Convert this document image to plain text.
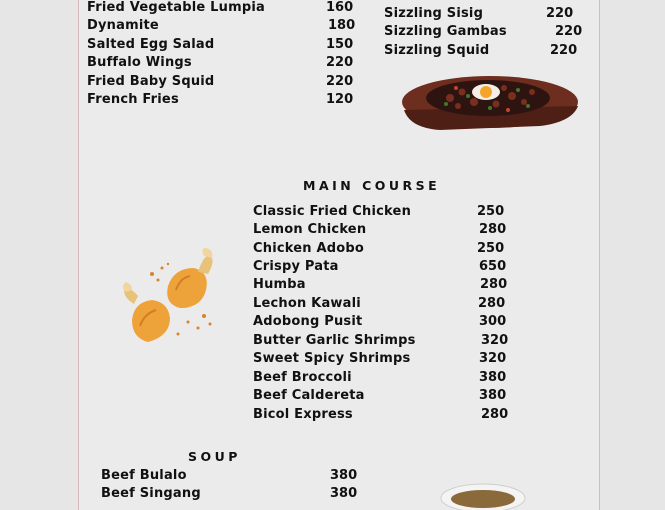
Fried Vegetable Lumpia	160
Dynamite	180
Salted Egg Salad	150
Buffalo Wings	220
Fried Baby Squid	220
French Fries	120
Sizzling Sisig	220
Sizzling Gambas	220
Sizzling Squid	220
MAIN COURSE
Classic Fried Chicken	250
Lemon Chicken	280
Chicken Adobo	250
Crispy Pata	650
Humba	280
Lechon Kawali	280
Adobong Pusit	300
Butter Garlic Shrimps	320
Sweet Spicy Shrimps	320
Beef Broccoli	380
Beef Caldereta	380
Bicol Express	280
SOUP
Beef Bulalo	380
Beef Singang	380
